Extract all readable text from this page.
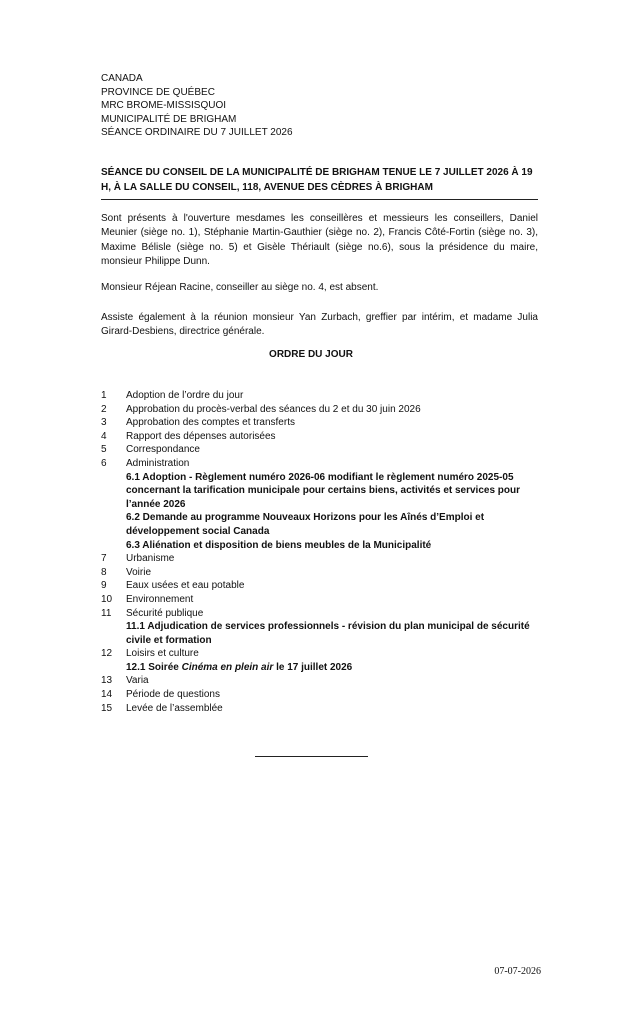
CANADA
PROVINCE DE QUÉBEC
MRC BROME-MISSISQUOI
MUNICIPALITÉ DE BRIGHAM
SÉANCE ORDINAIRE DU 7 JUILLET 2026
SÉANCE DU CONSEIL DE LA MUNICIPALITÉ DE BRIGHAM TENUE LE 7 JUILLET 2026 À 19 H, À LA SALLE DU CONSEIL, 118, AVENUE DES CÈDRES À BRIGHAM
Sont présents à l'ouverture mesdames les conseillères et messieurs les conseillers, Daniel Meunier (siège no. 1), Stéphanie Martin-Gauthier (siège no. 2), Francis Côté-Fortin (siège no. 3), Maxime Bélisle (siège no. 5) et Gisèle Thériault (siège no.6), sous la présidence du maire, monsieur Philippe Dunn.
Monsieur Réjean Racine, conseiller au siège no. 4, est absent.
Assiste également à la réunion monsieur Yan Zurbach, greffier par intérim, et madame Julia Girard-Desbiens, directrice générale.
ORDRE DU JOUR
1	Adoption de l’ordre du jour
2	Approbation du procès-verbal des séances du 2 et du 30 juin 2026
3	Approbation des comptes et transferts
4	Rapport des dépenses autorisées
5	Correspondance
6	Administration
6.1 Adoption - Règlement numéro 2026-06 modifiant le règlement numéro 2025-05 concernant la tarification municipale pour certains biens, activités et services pour l’année 2026
6.2 Demande au programme Nouveaux Horizons pour les Aînés d’Emploi et développement social Canada
6.3 Aliénation et disposition de biens meubles de la Municipalité
7	Urbanisme
8	Voirie
9	Eaux usées et eau potable
10	Environnement
11	Sécurité publique
11.1 Adjudication de services professionnels - révision du plan municipal de sécurité civile et formation
12	Loisirs et culture
12.1 Soirée Cinéma en plein air le 17 juillet 2026
13	Varia
14	Période de questions
15	Levée de l’assemblée
07-07-2026
